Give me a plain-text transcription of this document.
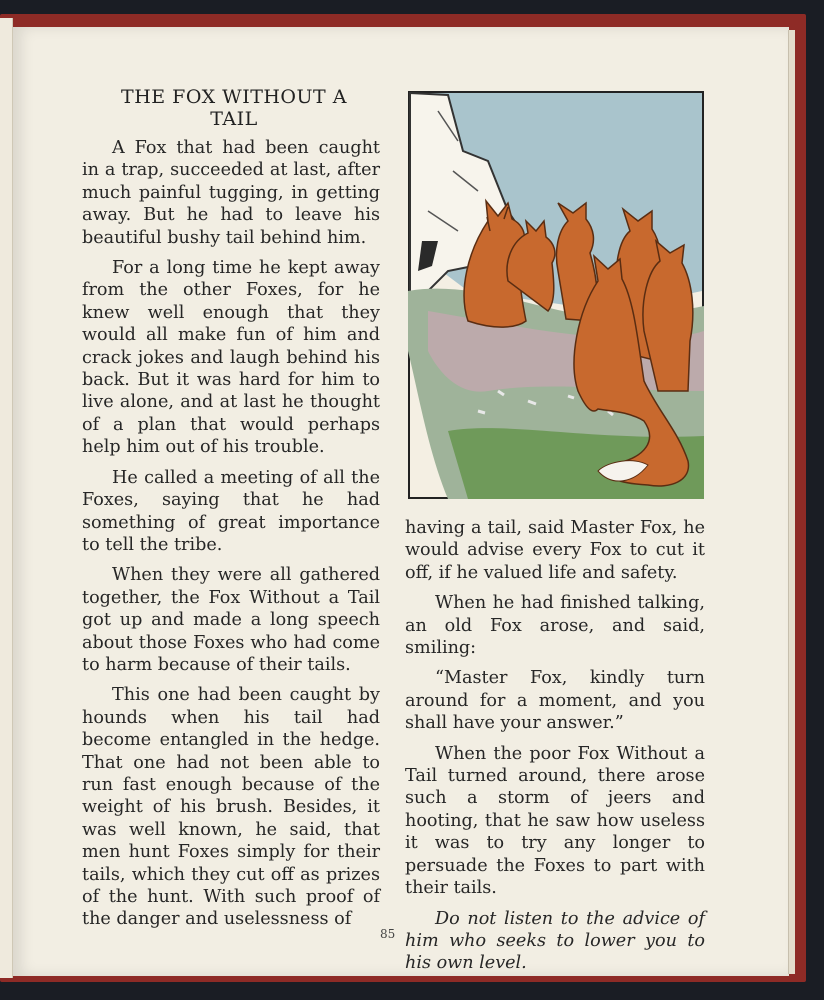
THE FOX WITHOUT A TAIL

A Fox that had been caught in a trap, succeeded at last, after much painful tugging, in getting away. But he had to leave his beautiful bushy tail behind him.

For a long time he kept away from the other Foxes, for he knew well enough that they would all make fun of him and crack jokes and laugh behind his back. But it was hard for him to live alone, and at last he thought of a plan that would perhaps help him out of his trouble.

He called a meeting of all the Foxes, saying that he had something of great importance to tell the tribe.

When they were all gathered together, the Fox Without a Tail got up and made a long speech about those Foxes who had come to harm because of their tails.

This one had been caught by hounds when his tail had become entangled in the hedge. That one had not been able to run fast enough because of the weight of his brush. Besides, it was well known, he said, that men hunt Foxes simply for their tails, which they cut off as prizes of the hunt. With such proof of the danger and uselessness of

having a tail, said Master Fox, he would advise every Fox to cut it off, if he valued life and safety.

When he had finished talking, an old Fox arose, and said, smiling:

“Master Fox, kindly turn around for a moment, and you shall have your answer.”

When the poor Fox Without a Tail turned around, there arose such a storm of jeers and hooting, that he saw how useless it was to try any longer to persuade the Foxes to part with their tails.

Do not listen to the advice of him who seeks to lower you to his own level.

85
